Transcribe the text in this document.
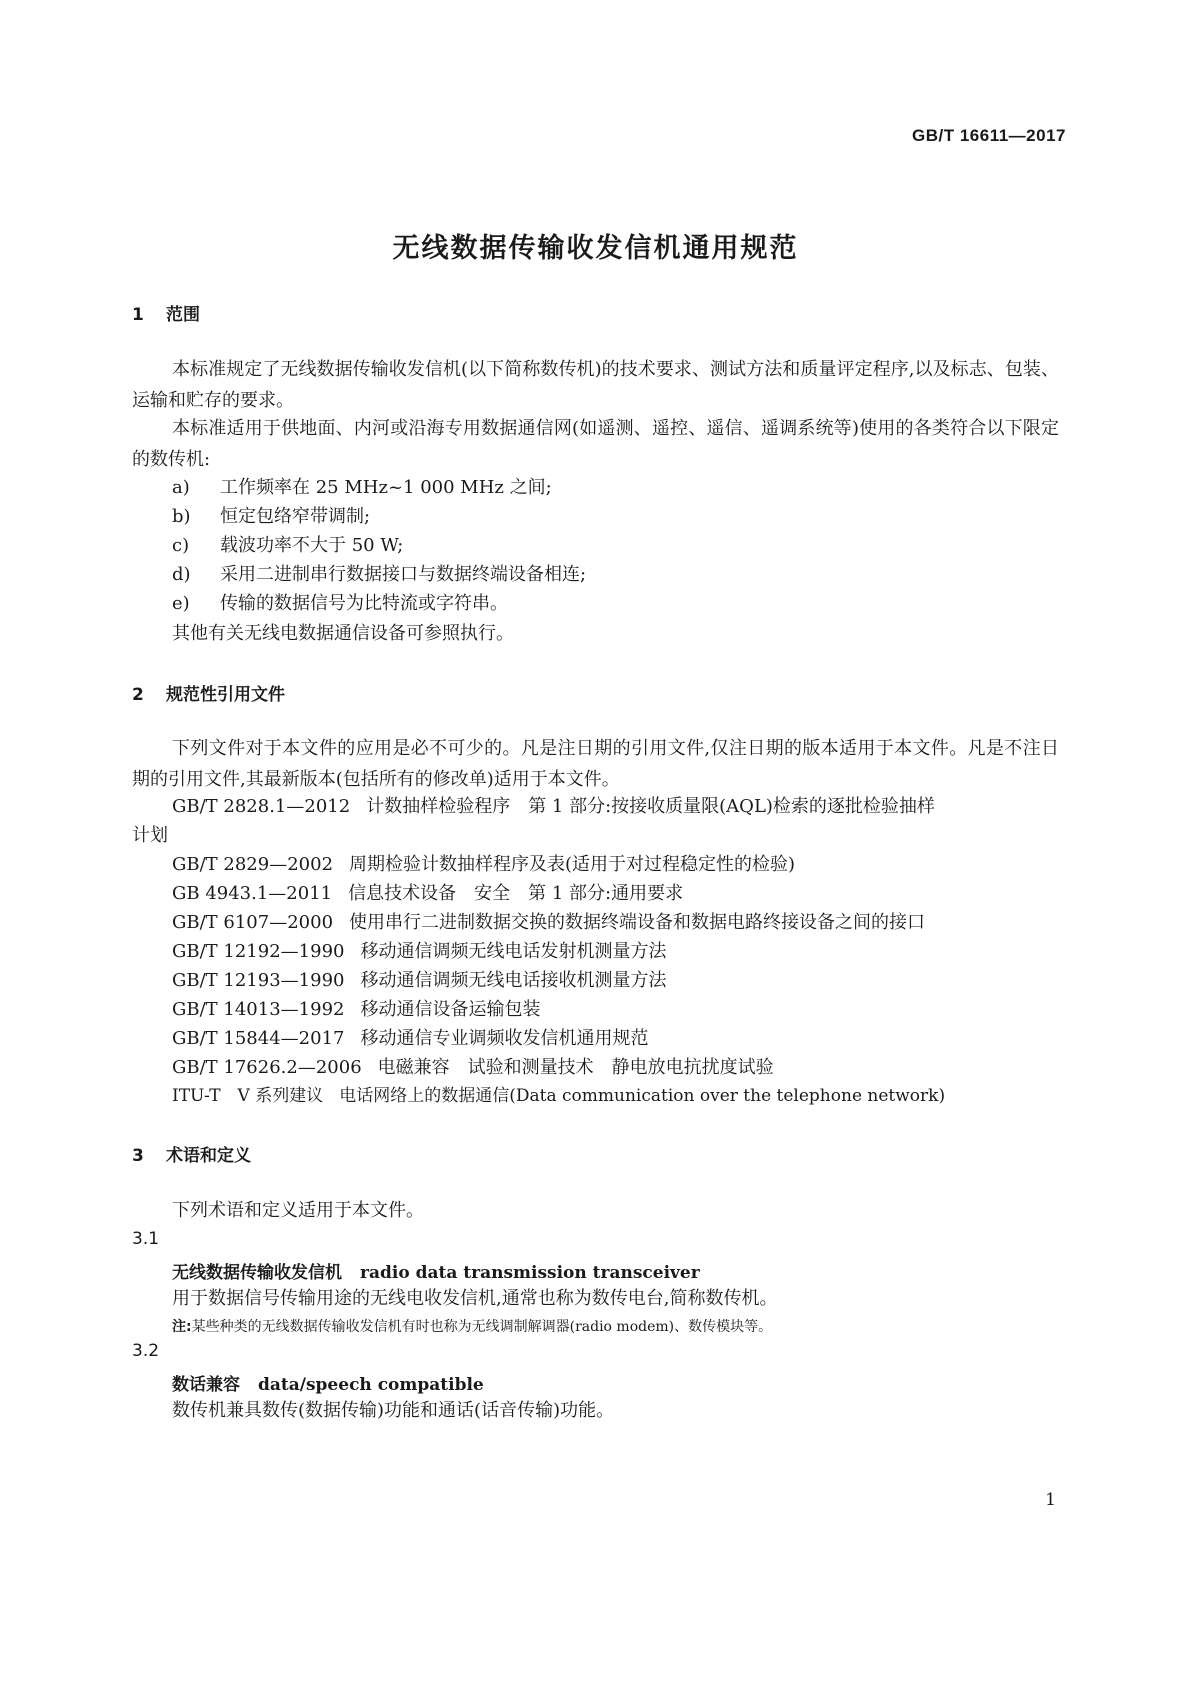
GB/T 16611—2017
无线数据传输收发信机通用规范
1 范围
本标准规定了无线数据传输收发信机(以下简称数传机)的技术要求、测试方法和质量评定程序,以及标志、包装、运输和贮存的要求。
本标准适用于供地面、内河或沿海专用数据通信网(如遥测、遥控、遥信、遥调系统等)使用的各类符合以下限定的数传机:
a) 工作频率在 25 MHz~1 000 MHz 之间;
b) 恒定包络窄带调制;
c) 载波功率不大于 50 W;
d) 采用二进制串行数据接口与数据终端设备相连;
e) 传输的数据信号为比特流或字符串。
其他有关无线电数据通信设备可参照执行。
2 规范性引用文件
下列文件对于本文件的应用是必不可少的。凡是注日期的引用文件,仅注日期的版本适用于本文件。凡是不注日期的引用文件,其最新版本(包括所有的修改单)适用于本文件。
GB/T 2828.1—2012 计数抽样检验程序　第 1 部分:按接收质量限(AQL)检索的逐批检验抽样
计划
GB/T 2829—2002 周期检验计数抽样程序及表(适用于对过程稳定性的检验)
GB 4943.1—2011 信息技术设备　安全　第 1 部分:通用要求
GB/T 6107—2000 使用串行二进制数据交换的数据终端设备和数据电路终接设备之间的接口
GB/T 12192—1990 移动通信调频无线电话发射机测量方法
GB/T 12193—1990 移动通信调频无线电话接收机测量方法
GB/T 14013—1992 移动通信设备运输包装
GB/T 15844—2017 移动通信专业调频收发信机通用规范
GB/T 17626.2—2006 电磁兼容　试验和测量技术　静电放电抗扰度试验
ITU-T　V 系列建议 电话网络上的数据通信(Data communication over the telephone network)
3 术语和定义
下列术语和定义适用于本文件。
3.1
无线数据传输收发信机 radio data transmission transceiver
用于数据信号传输用途的无线电收发信机,通常也称为数传电台,简称数传机。
注:某些种类的无线数据传输收发信机有时也称为无线调制解调器(radio modem)、数传模块等。
3.2
数话兼容 data/speech compatible
数传机兼具数传(数据传输)功能和通话(话音传输)功能。
1
